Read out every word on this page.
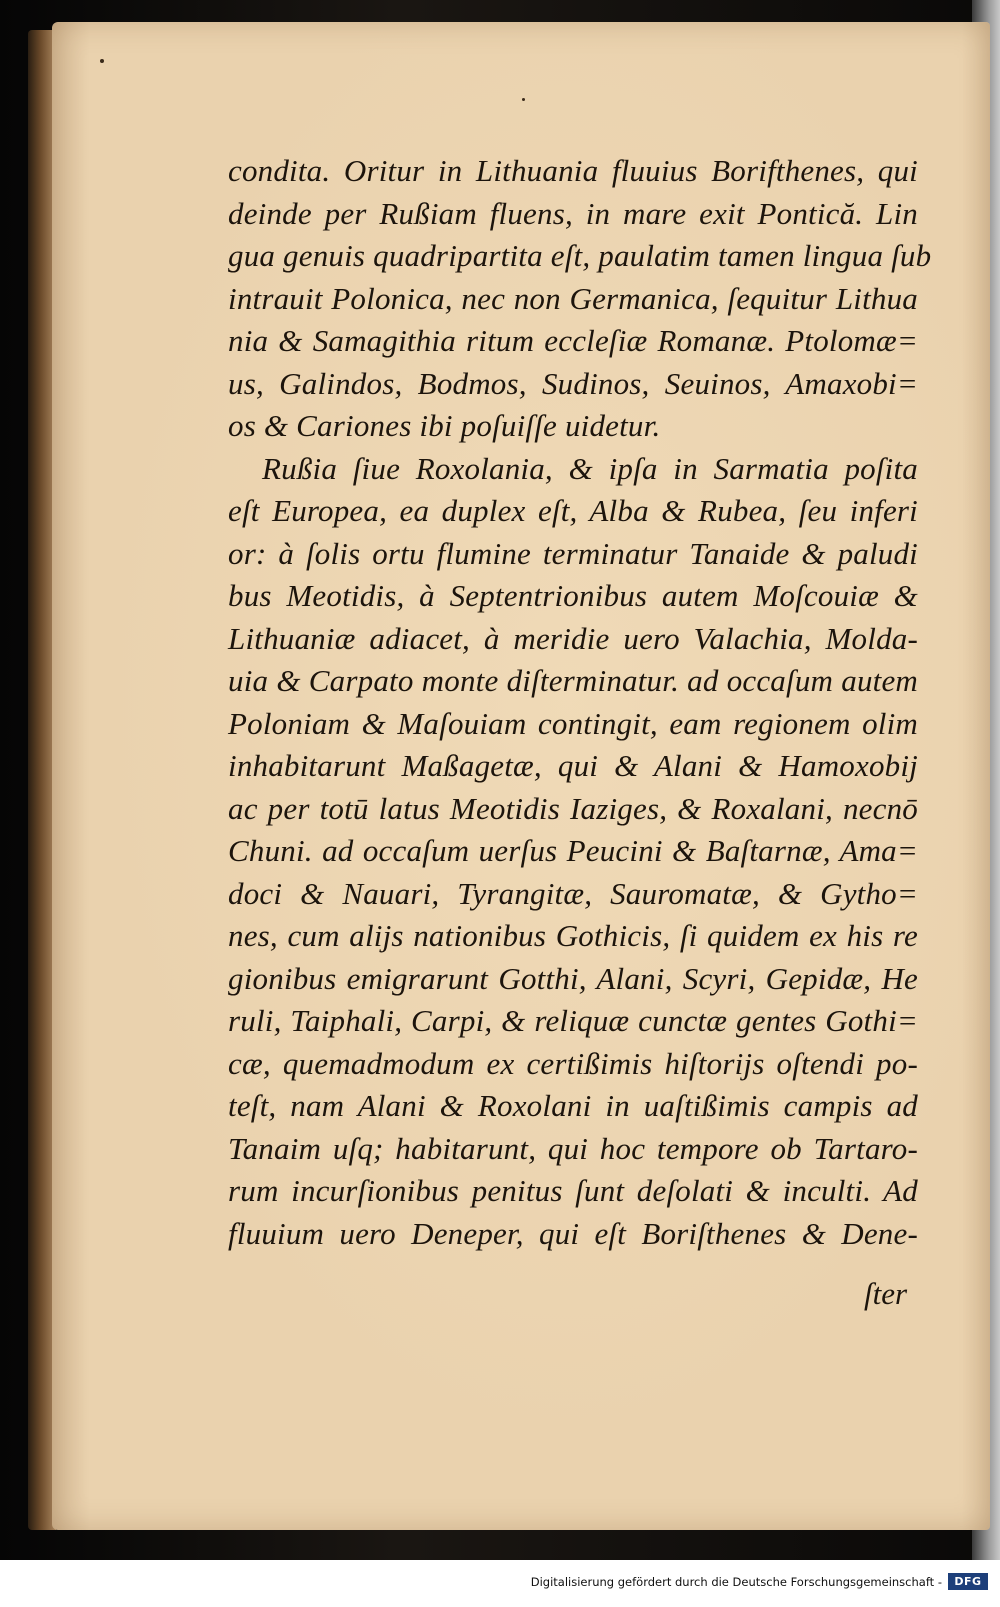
condita. Oritur in Lithuania fluuius Borifthenes, qui
deinde per Rußiam fluens, in mare exit Pontică. Lin
gua genuis quadripartita eſt, paulatim tamen lingua ſub
intrauit Polonica, nec non Germanica, ſequitur Lithua
nia & Samagithia ritum eccleſiæ Romanæ. Ptolomæ=
us, Galindos, Bodmos, Sudinos, Seuinos, Amaxobi=
os & Cariones ibi poſuiſſe uidetur.
Rußia ſiue Roxolania, & ipſa in Sarmatia poſita
eſt Europea, ea duplex eſt, Alba & Rubea, ſeu inferi
or: à ſolis ortu flumine terminatur Tanaide & paludi
bus Meotidis, à Septentrionibus autem Moſcouiæ &
Lithuaniæ adiacet, à meridie uero Valachia, Molda-
uia & Carpato monte diſterminatur. ad occaſum autem
Poloniam & Maſouiam contingit, eam regionem olim
inhabitarunt Maßagetæ, qui & Alani & Hamoxobij
ac per totū latus Meotidis Iaziges, & Roxalani, necnō
Chuni. ad occaſum uerſus Peucini & Baſtarnæ, Ama=
doci & Nauari, Tyrangitæ, Sauromatæ, & Gytho=
nes, cum alijs nationibus Gothicis, ſi quidem ex his re
gionibus emigrarunt Gotthi, Alani, Scyri, Gepidæ, He
ruli, Taiphali, Carpi, & reliquæ cunctæ gentes Gothi=
cæ, quemadmodum ex certißimis hiſtorijs oſtendi po-
teſt, nam Alani & Roxolani in uaſtißimis campis ad
Tanaim uſq; habitarunt, qui hoc tempore ob Tartaro-
rum incurſionibus penitus ſunt deſolati & inculti. Ad
fluuium uero Deneper, qui eſt Boriſthenes & Dene-
ſter
Digitalisierung gefördert durch die Deutsche Forschungsgemeinschaft -	DFG
